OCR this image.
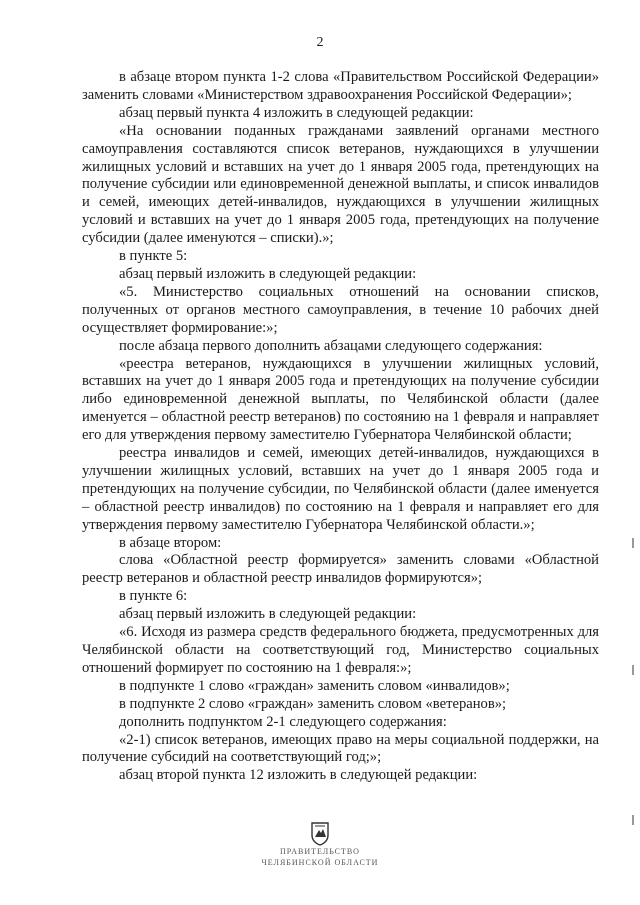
2

в абзаце втором пункта 1-2 слова «Правительством Российской Федерации» заменить словами «Министерством здравоохранения Российской Федерации»;

абзац первый пункта 4 изложить в следующей редакции:

«На основании поданных гражданами заявлений органами местного самоуправления составляются список ветеранов, нуждающихся в улучшении жилищных условий и вставших на учет до 1 января 2005 года, претендующих на получение субсидии или единовременной денежной выплаты, и список инвалидов и семей, имеющих детей-инвалидов, нуждающихся в улучшении жилищных условий и вставших на учет до 1 января 2005 года, претендующих на получение субсидии (далее именуются – списки).»;

в пункте 5:

абзац первый изложить в следующей редакции:

«5. Министерство социальных отношений на основании списков, полученных от органов местного самоуправления, в течение 10 рабочих дней осуществляет формирование:»;

после абзаца первого дополнить абзацами следующего содержания:

«реестра ветеранов, нуждающихся в улучшении жилищных условий, вставших на учет до 1 января 2005 года и претендующих на получение субсидии либо единовременной денежной выплаты, по Челябинской области (далее именуется – областной реестр ветеранов) по состоянию на 1 февраля и направляет его для утверждения первому заместителю Губернатора Челябинской области;

реестра инвалидов и семей, имеющих детей-инвалидов, нуждающихся в улучшении жилищных условий, вставших на учет до 1 января 2005 года и претендующих на получение субсидии, по Челябинской области (далее именуется – областной реестр инвалидов) по состоянию на 1 февраля и направляет его для утверждения первому заместителю Губернатора Челябинской области.»;

в абзаце втором:

слова «Областной реестр формируется» заменить словами «Областной реестр ветеранов и областной реестр инвалидов формируются»;

в пункте 6:

абзац первый изложить в следующей редакции:

«6. Исходя из размера средств федерального бюджета, предусмотренных для Челябинской области на соответствующий год, Министерство социальных отношений формирует по состоянию на 1 февраля:»;

в подпункте 1 слово «граждан» заменить словом «инвалидов»;

в подпункте 2 слово «граждан» заменить словом «ветеранов»;

дополнить подпунктом 2-1 следующего содержания:

«2-1) список ветеранов, имеющих право на меры социальной поддержки, на получение субсидий на соответствующий год;»;

абзац второй пункта 12 изложить в следующей редакции:

ПРАВИТЕЛЬСТВО
ЧЕЛЯБИНСКОЙ ОБЛАСТИ
